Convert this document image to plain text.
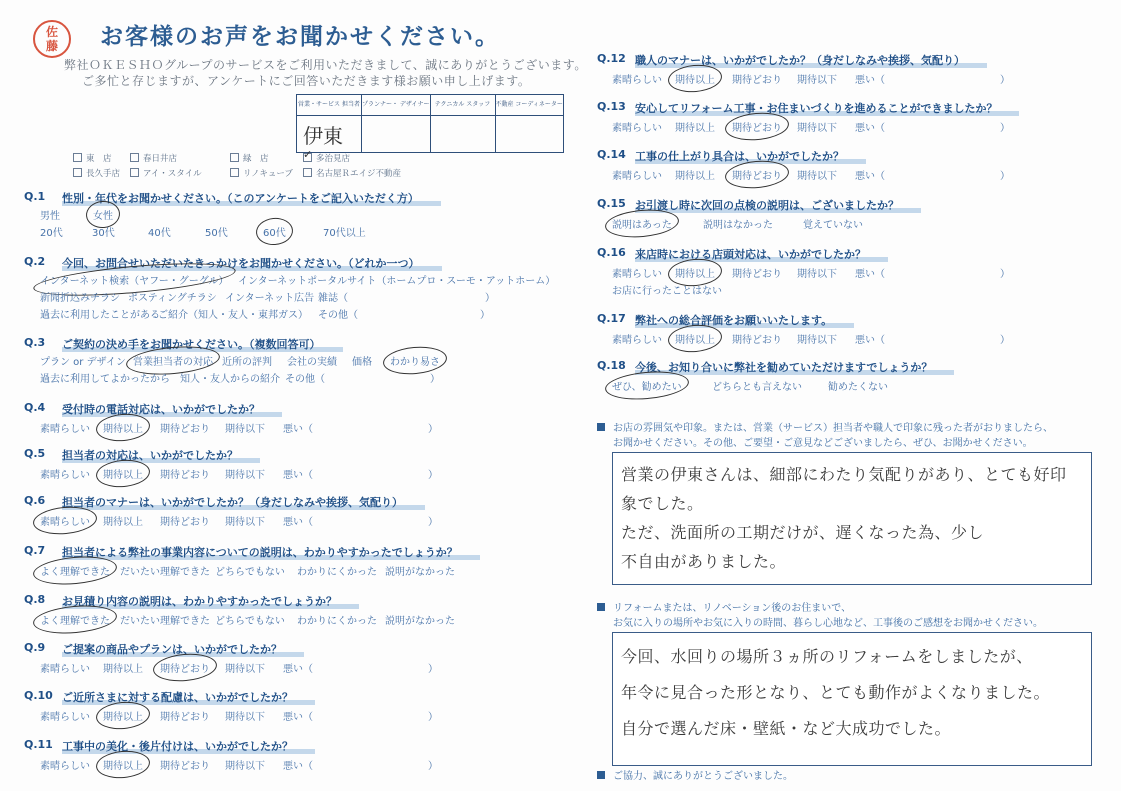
佐
藤 お客様のお声をお聞かせください。
弊社ＯＫＥＳＨＯグループのサービスをご利用いただきまして、誠にありがとうございます。
ご多忙と存じますが、アンケートにご回答いただきます様お願い申し上げます。
営業・サービス 担当者	プランナー・ デザイナー	テクニカル スタッフ	不動産 コーディネーター
伊東			
東　店	春日井店	緑　店 ✓	多治見店
長久手店	アイ・スタイル	リノキューブ	名古屋Ｒエイジ不動産
Q.1 性別・年代をお聞かせください。（このアンケートをご記入いただく方）
男性	女性
20代	30代	40代	50代	60代	70代以上
Q.2 今回、お問合せいただいたきっかけをお聞かせください。（どれか一つ）
インターネット検索（ヤフー・グーグル） インターネットポータルサイト（ホームプロ・スーモ・アットホーム）
新聞折込みチラシ ポスティングチラシ インターネット広告 雑誌（	）
過去に利用したことがある
ご紹介（知人・友人・東邦ガス） その他（	）
Q.3 ご契約の決め手をお聞かせください。（複数回答可）
プラン or デザイン 営業担当者の対応 近所の評判 会社の実績 価格 わかり易さ
過去に利用してよかったから 知人・友人からの紹介 その他（	）
Q.4 受付時の電話対応は、いかがでしたか？
素晴らしい 期待以上 期待どおり 期待以下 悪い（	）
Q.5 担当者の対応は、いかがでしたか？
素晴らしい 期待以上 期待どおり 期待以下 悪い（	）
Q.6 担当者のマナーは、いかがでしたか？（身だしなみや挨拶、気配り）
素晴らしい 期待以上 期待どおり 期待以下 悪い（	）
Q.7 担当者による弊社の事業内容についての説明は、わかりやすかったでしょうか？
よく理解できた だいたい理解できた どちらでもない わかりにくかった 説明がなかった
Q.8 お見積り内容の説明は、わかりやすかったでしょうか？
よく理解できた だいたい理解できた どちらでもない わかりにくかった 説明がなかった
Q.9 ご提案の商品やプランは、いかがでしたか？
素晴らしい 期待以上 期待どおり 期待以下 悪い（	）
Q.10 ご近所さまに対する配慮は、いかがでしたか？
素晴らしい 期待以上 期待どおり 期待以下 悪い（	）
Q.11 工事中の美化・後片付けは、いかがでしたか？
素晴らしい 期待以上 期待どおり 期待以下 悪い（	）
Q.12 職人のマナーは、いかがでしたか？（身だしなみや挨拶、気配り）
素晴らしい 期待以上 期待どおり 期待以下 悪い（	）
Q.13 安心してリフォーム工事・お住まいづくりを進めることができましたか？
素晴らしい 期待以上 期待どおり 期待以下 悪い（	）
Q.14 工事の仕上がり具合は、いかがでしたか？
素晴らしい 期待以上 期待どおり 期待以下 悪い（	）
Q.15 お引渡し時に次回の点検の説明は、ございましたか？
説明はあった	説明はなかった	覚えていない
Q.16 来店時における店頭対応は、いかがでしたか？
素晴らしい 期待以上 期待どおり 期待以下 悪い（	）
お店に行ったことはない
Q.17 弊社への総合評価をお願いいたします。
素晴らしい 期待以上 期待どおり 期待以下 悪い（	）
Q.18 今後、お知り合いに弊社を勧めていただけますでしょうか？
ぜひ、勧めたい	どちらとも言えない	勧めたくない
お店の雰囲気や印象。または、営業（サービス）担当者や職人で印象に残った者がおりましたら、
お聞かせください。その他、ご要望・ご意見などございましたら、ぜひ、お聞かせください。
営業の伊東さんは、細部にわたり気配りがあり、とても好印
象でした。
ただ、洗面所の工期だけが、遅くなった為、少し
不自由がありました。
リフォームまたは、リノベーション後のお住まいで、
お気に入りの場所やお気に入りの時間、暮らし心地など、工事後のご感想をお聞かせください。
今回、水回りの場所３ヵ所のリフォームをしましたが、
年令に見合った形となり、とても動作がよくなりました。
自分で選んだ床・壁紙・など大成功でした。
ご協力、誠にありがとうございました。
